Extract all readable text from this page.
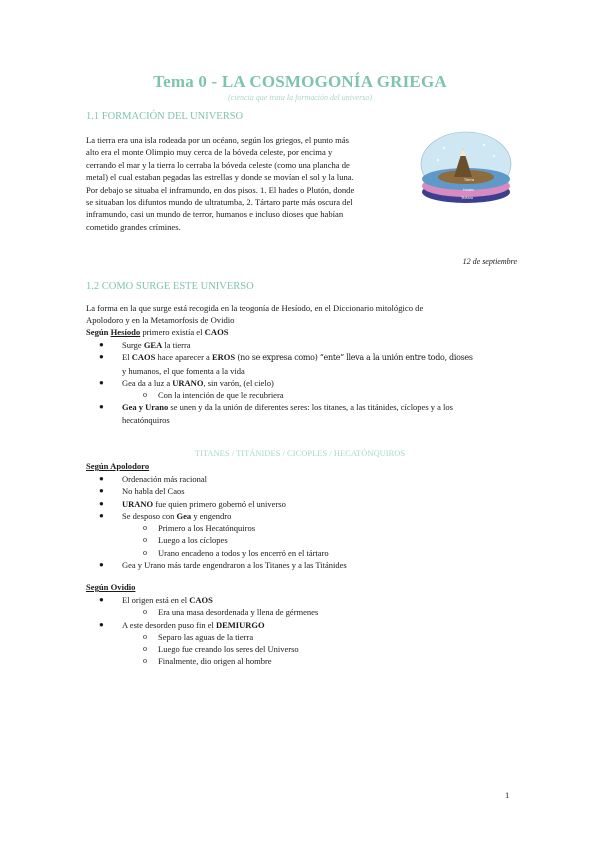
Tema 0 - LA COSMOGONÍA GRIEGA
(ciencia que trata la formación del universo)
1.1 FORMACIÓN DEL UNIVERSO
La tierra era una isla rodeada por un océano, según los griegos, el punto más
alto era el monte Olimpio muy cerca de la bóveda celeste, por encima y
cerrando el mar y la tierra lo cerraba la bóveda celeste (como una plancha de
metal) el cual estaban pegadas las estrellas y donde se movían el sol y la luna.
Por debajo se situaba el inframundo, en dos pisos. 1. El hades o Plutón, donde
se situaban los difuntos mundo de ultratumba, 2. Tártaro parte más oscura del
inframundo, casi un mundo de terror, humanos e incluso dioses que habían
cometido grandes crímines.
Tierra
Hades
Tártaro
12 de septiembre
1.2 COMO SURGE ESTE UNIVERSO
La forma en la que surge está recogida en la teogonía de Hesíodo, en el Diccionario mitológico de
Apolodoro y en la Metamorfosis de Ovidio
Según Hesíodo primero existía el CAOS
● Surge GEA la tierra
● El CAOS hace aparecer a EROS (no se expresa como) “ente” lleva a la unión entre todo, dioses
y humanos, el que fomenta a la vida
● Gea da a luz a URANO, sin varón, (el cielo)
o Con la intención de que le recubriera
● Gea y Urano se unen y da la unión de diferentes seres: los titanes, a las titánides, cíclopes y a los
hecatónquiros
TITANES / TITÁNIDES / CICOPLES / HECATÓNQUIROS
Según Apolodoro
● Ordenación más racional
● No habla del Caos
● URANO fue quien primero gobernó el universo
● Se desposo con Gea y engendro
o Primero a los Hecatónquiros
o Luego a los cíclopes
o Urano encadeno a todos y los encerró en el tártaro
● Gea y Urano más tarde engendraron a los Titanes y a las Titánides
Según Ovidio
● El origen está en el CAOS
o Era una masa desordenada y llena de gérmenes
● A este desorden puso fin el DEMIURGO
o Separo las aguas de la tierra
o Luego fue creando los seres del Universo
o Finalmente, dio origen al hombre
1
